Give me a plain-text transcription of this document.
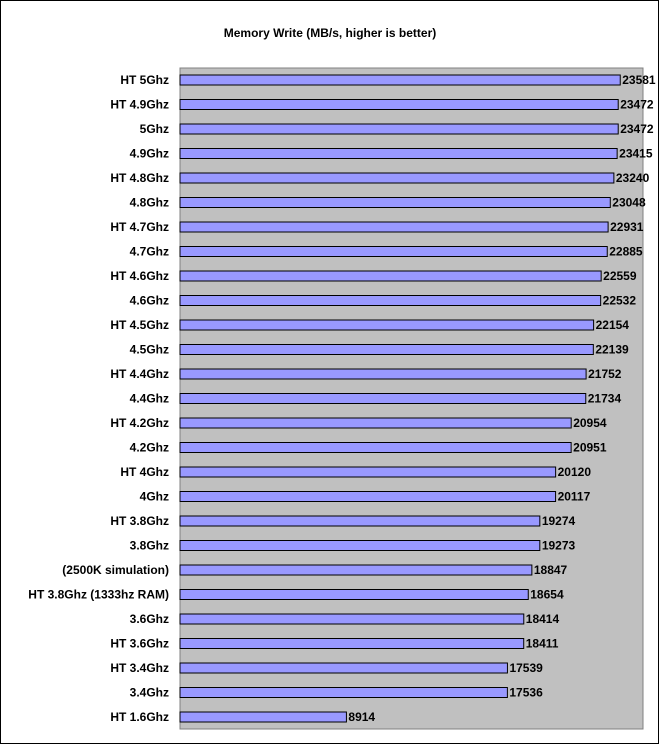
Memory Write (MB/s, higher is better)
HT 5Ghz	23581
HT 4.9Ghz	23472
5Ghz	23472
4.9Ghz	23415
HT 4.8Ghz	23240
4.8Ghz	23048
HT 4.7Ghz	22931
4.7Ghz	22885
HT 4.6Ghz	22559
4.6Ghz	22532
HT 4.5Ghz	22154
4.5Ghz	22139
HT 4.4Ghz	21752
4.4Ghz	21734
HT 4.2Ghz	20954
4.2Ghz	20951
HT 4Ghz	20120
4Ghz	20117
HT 3.8Ghz	19274
3.8Ghz	19273
(2500K simulation)	18847
HT 3.8Ghz (1333hz RAM)	18654
3.6Ghz	18414
HT 3.6Ghz	18411
HT 3.4Ghz	17539
3.4Ghz	17536
HT 1.6Ghz	8914
